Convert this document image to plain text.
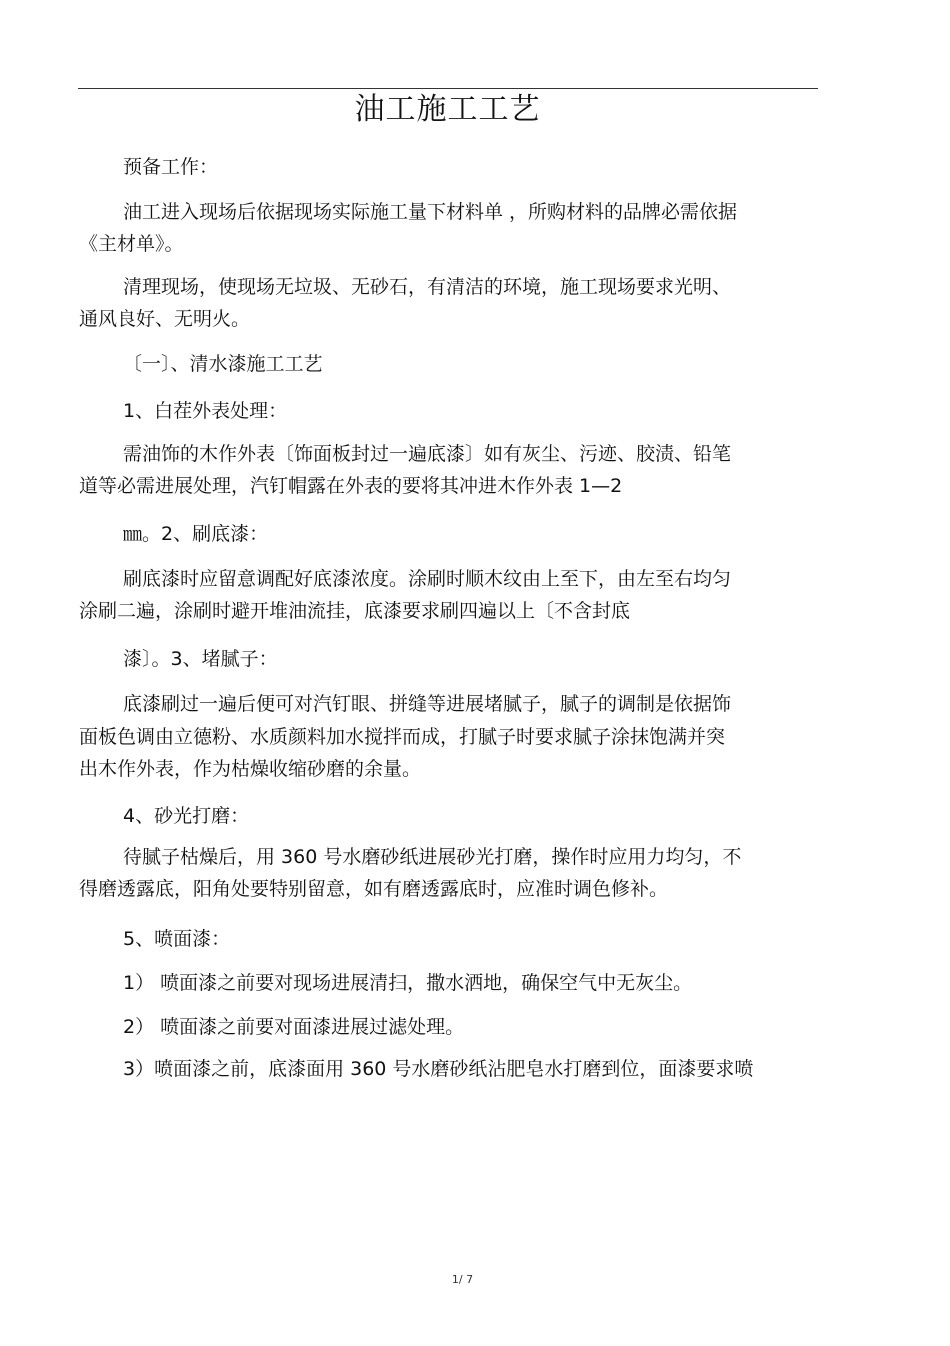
油工施工工艺
预备工作：
油工进入现场后依据现场实际施工量下材料单 ，所购材料的品牌必需依据
《主材单》。
清理现场，使现场无垃圾、无砂石，有清洁的环境，施工现场要求光明、
通风良好、无明火。
〔一〕、清水漆施工工艺
1、白茬外表处理：
需油饰的木作外表〔饰面板封过一遍底漆〕如有灰尘、污迹、胶渍、铅笔
道等必需进展处理，汽钉帽露在外表的要将其冲进木作外表 1—2
㎜。2、刷底漆：
刷底漆时应留意调配好底漆浓度。涂刷时顺木纹由上至下，由左至右均匀
涂刷二遍，涂刷时避开堆油流挂，底漆要求刷四遍以上〔不含封底
漆〕。3、堵腻子：
底漆刷过一遍后便可对汽钉眼、拼缝等进展堵腻子，腻子的调制是依据饰
面板色调由立德粉、水质颜料加水搅拌而成，打腻子时要求腻子涂抹饱满并突
出木作外表，作为枯燥收缩砂磨的余量。
4、砂光打磨：
待腻子枯燥后，用 360 号水磨砂纸进展砂光打磨，操作时应用力均匀，不
得磨透露底，阳角处要特别留意，如有磨透露底时，应准时调色修补。
5、喷面漆：
1） 喷面漆之前要对现场进展清扫，撒水洒地，确保空气中无灰尘。
2） 喷面漆之前要对面漆进展过滤处理。
3）喷面漆之前，底漆面用 360 号水磨砂纸沾肥皂水打磨到位，面漆要求喷
1/ 7
